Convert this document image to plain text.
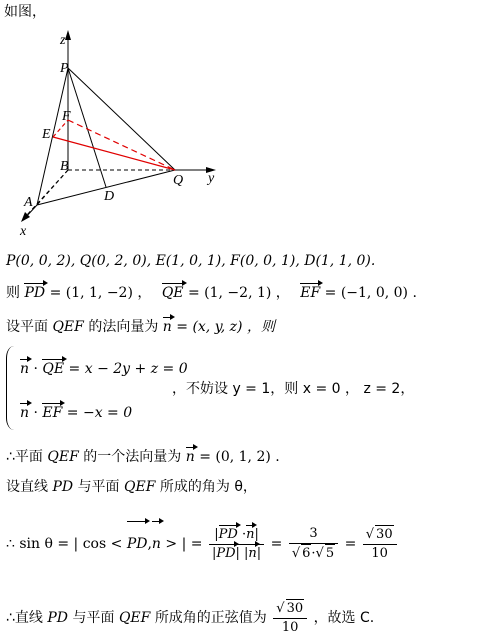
如图，
z
P
F
E
B
Q y
A	D
x
P(0, 0, 2), Q(0, 2, 0), E(1, 0, 1), F(0, 0, 1), D(1, 1, 0).
则 PD = (1, 1, −2) ， QE = (1, −2, 1) ， EF = (−1, 0, 0) .
设平面 QEF 的法向量为 n = (x, y, z) ，则
n · QE = x − 2y + z = 0
n · EF = −x = 0
，不妨设 y = 1，则 x = 0 ， z = 2，
∴平面 QEF 的一个法向量为 n = (0, 1, 2) .
设直线 PD 与平面 QEF 所成的角为 θ，
∴ sin θ = | cos < PD,n > | = $\frac{|PD \cdot n|}{|PD| |n|} = \frac{3}{√ 6\cdot√ 5} = \frac{√ 30}{10}$
∴直线 PD 与平面 QEF 所成角的正弦值为 $\frac{√ 30}{10}$ ，故选 C.
